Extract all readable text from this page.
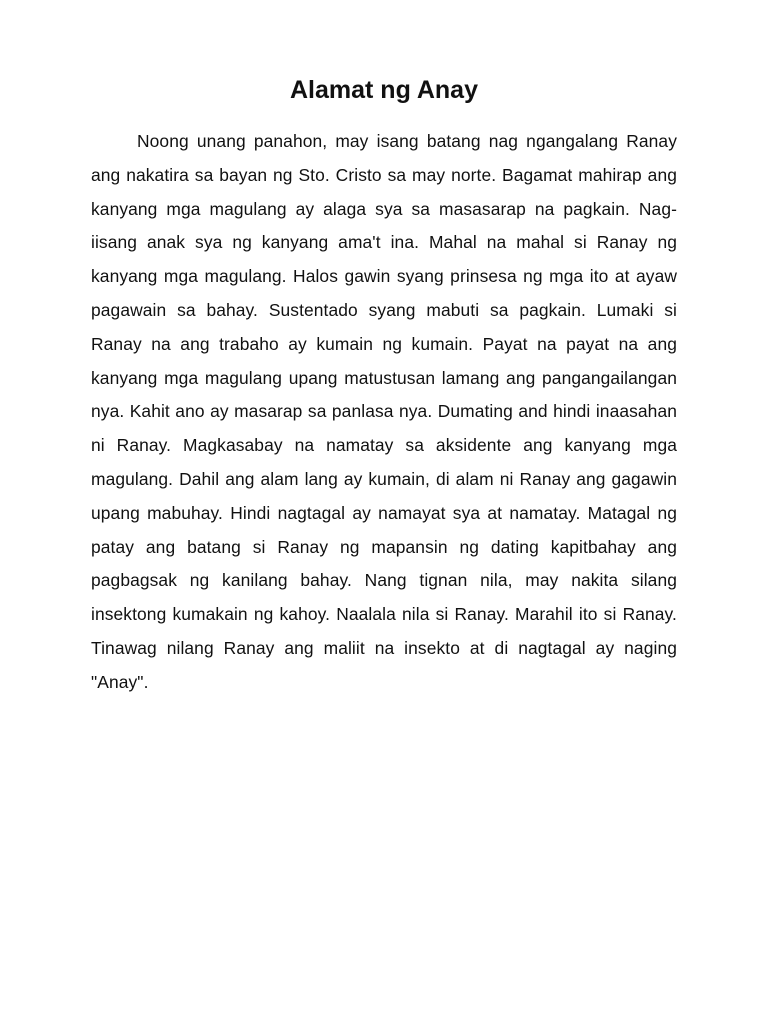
Alamat ng Anay

Noong unang panahon, may isang batang nag ngangalang Ranay ang nakatira sa bayan ng Sto. Cristo sa may norte. Bagamat mahirap ang kanyang mga magulang ay alaga sya sa masasarap na pagkain. Nag-iisang anak sya ng kanyang ama't ina. Mahal na mahal si Ranay ng kanyang mga magulang. Halos gawin syang prinsesa ng mga ito at ayaw pagawain sa bahay. Sustentado syang mabuti sa pagkain. Lumaki si Ranay na ang trabaho ay kumain ng kumain. Payat na payat na ang kanyang mga magulang upang matustusan lamang ang pangangailangan nya. Kahit ano ay masarap sa panlasa nya. Dumating and hindi inaasahan ni Ranay. Magkasabay na namatay sa aksidente ang kanyang mga magulang. Dahil ang alam lang ay kumain, di alam ni Ranay ang gagawin upang mabuhay. Hindi nagtagal ay namayat sya at namatay. Matagal ng patay ang batang si Ranay ng mapansin ng dating kapitbahay ang pagbagsak ng kanilang bahay. Nang tignan nila, may nakita silang insektong kumakain ng kahoy. Naalala nila si Ranay. Marahil ito si Ranay. Tinawag nilang Ranay ang maliit na insekto at di nagtagal ay naging "Anay".
